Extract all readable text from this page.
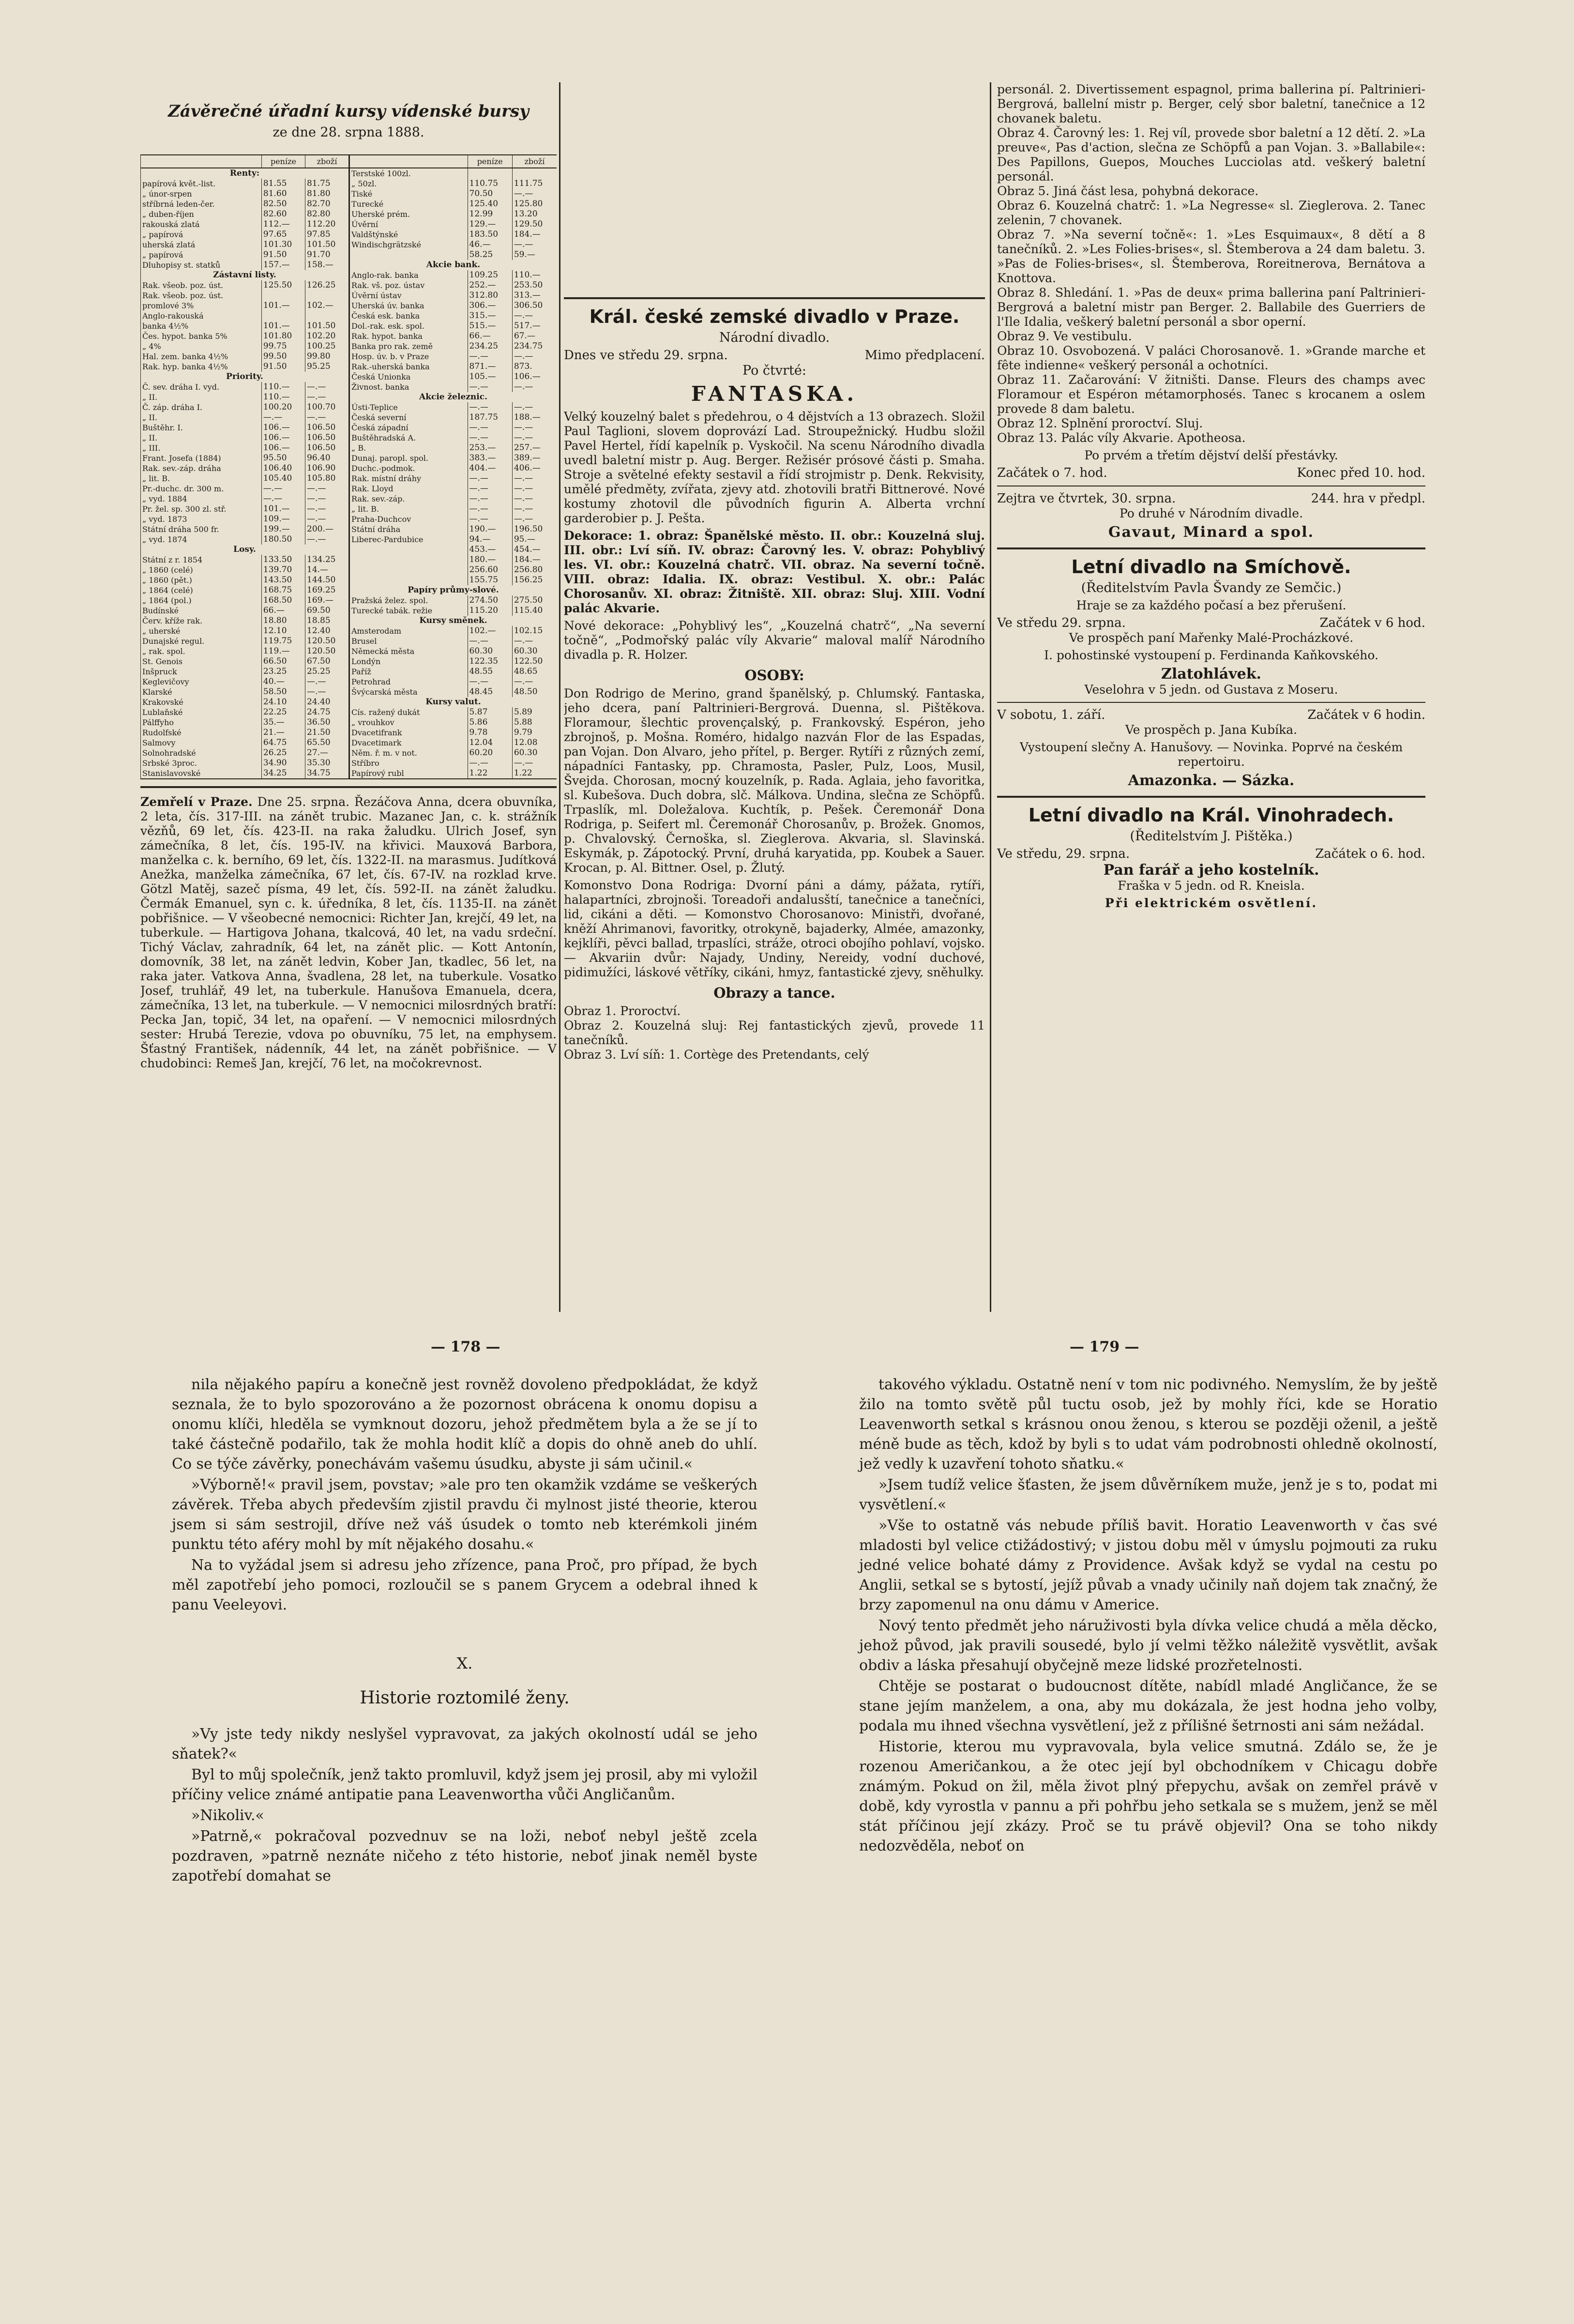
Závěrečné úřadní kursy vídenské bursy
ze dne 28. srpna 1888.
	peníze	zboží
Renty:		
papírová květ.-list.	81.55	81.75
„ únor-srpen	81.60	81.80
stříbrná leden-čer.	82.50	82.70
„ duben-říjen	82.60	82.80
rakouská zlatá	112.—	112.20
„ papírová	97.65	97.85
uherská zlatá	101.30	101.50
„ papírová	91.50	91.70
Dluhopisy st. statků	157.—	158.—
Zástavní listy.		
Rak. všeob. poz. úst.	125.50	126.25
Rak. všeob. poz. úst.		
promlové 3%	101.—	102.—
Anglo-rakouská		
banka 4½%	101.—	101.50
Čes. hypot. banka 5%	101.80	102.20
„ 4%	99.75	100.25
Hal. zem. banka 4½%	99.50	99.80
Rak. hyp. banka 4½%	91.50	95.25
Priority.		
Č. sev. dráha I. vyd.	110.—	—.—
„ II.	110.—	—.—
Č. záp. dráha I.	100.20	100.70
„ II.	—.—	—.—
Buštěhr. I.	106.—	106.50
„ II.	106.—	106.50
„ III.	106.—	106.50
Frant. Josefa (1884)	95.50	96.40
Rak. sev.-záp. dráha	106.40	106.90
„ lit. B.	105.40	105.80
Pr.-duchc. dr. 300 m.	—.—	—.—
„ vyd. 1884	—.—	—.—
Pr. žel. sp. 300 zl. stř.	101.—	—.—
„ vyd. 1873	109.—	—.—
Státní dráha 500 fr.	199.—	200.—
„ vyd. 1874	180.50	—.—
Losy.		
Státní z r. 1854	133.50	134.25
„ 1860 (celé)	139.70	14.—
„ 1860 (pět.)	143.50	144.50
„ 1864 (celé)	168.75	169.25
„ 1864 (pol.)	168.50	169.—
Budínské	66.—	69.50
Červ. kříže rak.	18.80	18.85
„ uherské	12.10	12.40
Dunajské regul.	119.75	120.50
„ rak. spol.	119.—	120.50
St. Genois	66.50	67.50
Inšpruck	23.25	25.25
Keglevičovy	40.—	—.—
Klarské	58.50	—.—
Krakovské	24.10	24.40
Lublaňské	22.25	24.75
Pálffyho	35.—	36.50
Rudolfské	21.—	21.50
Salmovy	64.75	65.50
Solnohradské	26.25	27.—
Srbské 3proc.	34.90	35.30
Stanislavovské	34.25	34.75
	peníze	zboží
Terstské 100zl.		
„ 50zl.	110.75	111.75
Tiské	70.50	—.—
Turecké	125.40	125.80
Uherské prém.	12.99	13.20
Úvěrní	129.—	129.50
Valdštýnské	183.50	184.—
Windischgrätzské	46.—	—.—
	58.25	59.—
Akcie bank.		
Anglo-rak. banka	109.25	110.—
Rak. vš. poz. ústav	252.—	253.50
Úvěrní ústav	312.80	313.—
Uherská úv. banka	306.—	306.50
Česká esk. banka	315.—	—.—
Dol.-rak. esk. spol.	515.—	517.—
Rak. hypot. banka	66.—	67.—
Banka pro rak. země	234.25	234.75
Hosp. úv. b. v Praze	—.—	—.—
Rak.-uherská banka	871.—	873.
Česká Unionka	105.—	106.—
Živnost. banka	—.—	—.—
Akcie železnic.		
Ústi-Teplice	—.—	—.—
Česká severní	187.75	188.—
Česká západní	—.—	—.—
Buštěhradská A.	—.—	—.—
„ B.	253.—	257.—
Dunaj. paropl. spol.	383.—	389.—
Duchc.-podmok.	404.—	406.—
Rak. místní dráhy	—.—	—.—
Rak. Lloyd	—.—	—.—
Rak. sev.-záp.	—.—	—.—
„ lit. B.	—.—	—.—
Praha-Duchcov	—.—	—.—
Státní dráha	190.—	196.50
Liberec-Pardubice	94.—	95.—
	453.—	454.—
	180.—	184.—
	256.60	256.80
	155.75	156.25
Papíry průmy-slové.		
Pražská želez. spol.	274.50	275.50
Turecké tabák. režie	115.20	115.40
Kursy směnek.		
Amsterodam	102.—	102.15
Brusel	—.—	—.—
Německá města	60.30	60.30
Londýn	122.35	122.50
Paříž	48.55	48.65
Petrohrad	—.—	—.—
Švýcarská města	48.45	48.50
Kursy valut.		
Cís. ražený dukát	5.87	5.89
„ vrouhkov	5.86	5.88
Dvacetifrank	9.78	9.79
Dvacetimark	12.04	12.08
Něm. ř. m. v not.	60.20	60.30
Stříbro	—.—	—.—
Papírový rubl	1.22	1.22

Zemřelí v Praze. Dne 25. srpna. Řezáčova Anna, dcera obuvníka, 2 leta, čís. 317-III. na zánět trubic. Mazanec Jan, c. k. strážník vězňů, 69 let, čís. 423-II. na raka žaludku. Ulrich Josef, syn zámečníka, 8 let, čís. 195-IV. na křivici. Mauxová Barbora, manželka c. k. berního, 69 let, čís. 1322-II. na marasmus. Judítková Anežka, manželka zámečníka, 67 let, čís. 67-IV. na rozklad krve. Götzl Matěj, sazeč písma, 49 let, čís. 592-II. na zánět žaludku. Čermák Emanuel, syn c. k. úředníka, 8 let, čís. 1135-II. na zánět pobřišnice. — V všeobecné nemocnici: Richter Jan, krejčí, 49 let, na tuberkule. — Hartigova Johana, tkalcová, 40 let, na vadu srdeční. Tichý Václav, zahradník, 64 let, na zánět plic. — Kott Antonín, domovník, 38 let, na zánět ledvin, Kober Jan, tkadlec, 56 let, na raka jater. Vatkova Anna, švadlena, 28 let, na tuberkule. Vosatko Josef, truhlář, 49 let, na tuberkule. Hanušova Emanuela, dcera, zámečníka, 13 let, na tuberkule. — V nemocnici milosrdných bratří: Pecka Jan, topič, 34 let, na opaření. — V nemocnici milosrdných sester: Hrubá Terezie, vdova po obuvníku, 75 let, na emphysem. Šťastný František, nádenník, 44 let, na zánět pobřišnice. — V chudobinci: Remeš Jan, krejčí, 76 let, na močokrevnost.

Král. české zemské divadlo v Praze.
Národní divadlo.
Dnes ve středu 29. srpna.	Mimo předplacení.
Po čtvrté:
FANTASKA.

Velký kouzelný balet s předehrou, o 4 dějstvích a 13 obrazech. Složil Paul Taglioni, slovem doprovází Lad. Stroupežnický. Hudbu složil Pavel Hertel, řídí kapelník p. Vyskočil. Na scenu Národního divadla uvedl baletní mistr p. Aug. Berger. Režisér prósové části p. Smaha. Stroje a světelné efekty sestavil a řídí strojmistr p. Denk. Rekvisity, umělé předměty, zvířata, zjevy atd. zhotovili bratři Bittnerové. Nové kostumy zhotovil dle původních figurin A. Alberta vrchní garderobier p. J. Pešta.

Dekorace: 1. obraz: Španělské město. II. obr.: Kouzelná sluj. III. obr.: Lví síň. IV. obraz: Čarovný les. V. obraz: Pohyblivý les. VI. obr.: Kouzelná chatrč. VII. obraz. Na severní točně. VIII. obraz: Idalia. IX. obraz: Vestibul. X. obr.: Palác Chorosanův. XI. obraz: Žitniště. XII. obraz: Sluj. XIII. Vodní palác Akvarie.

Nové dekorace: „Pohyblivý les“, „Kouzelná chatrč“, „Na severní točně“, „Podmořský palác víly Akvarie“ maloval malíř Národního divadla p. R. Holzer.

OSOBY:

Don Rodrigo de Merino, grand španělský, p. Chlumský. Fantaska, jeho dcera, paní Paltrinieri-Bergrová. Duenna, sl. Pištěkova. Floramour, šlechtic provençalský, p. Frankovský. Espéron, jeho zbrojnoš, p. Mošna. Roméro, hidalgo nazván Flor de las Espadas, pan Vojan. Don Alvaro, jeho přítel, p. Berger. Rytíři z různých zemí, nápadníci Fantasky, pp. Chramosta, Pasler, Pulz, Loos, Musil, Švejda. Chorosan, mocný kouzelník, p. Rada. Aglaia, jeho favoritka, sl. Kubešova. Duch dobra, slč. Málkova. Undina, slečna ze Schöpfů. Trpaslík, ml. Doležalova. Kuchtík, p. Pešek. Čeremonář Dona Rodriga, p. Seifert ml. Čeremonář Chorosanův, p. Brožek. Gnomos, p. Chvalovský. Černoška, sl. Zieglerova. Akvaria, sl. Slavinská. Eskymák, p. Zápotocký. První, druhá karyatida, pp. Koubek a Sauer. Krocan, p. Al. Bittner. Osel, p. Žlutý.

Komonstvo Dona Rodriga: Dvorní páni a dámy, pážata, rytíři, halapartníci, zbrojnoši. Toreadoři andalusští, tanečnice a tanečníci, lid, cikáni a děti. — Komonstvo Chorosanovo: Ministři, dvořané, kněží Ahrimanovi, favoritky, otrokyně, bajaderky, Almée, amazonky, kejklíři, pěvci ballad, trpaslíci, stráže, otroci obojího pohlaví, vojsko. — Akvariin dvůr: Najady, Undiny, Nereidy, vodní duchové, pidimužíci, láskové větříky, cikáni, hmyz, fantastické zjevy, sněhulky.

Obrazy a tance.

Obraz 1. Proroctví.
Obraz 2. Kouzelná sluj: Rej fantastických zjevů, provede 11 tanečníků.
Obraz 3. Lví síň: 1. Cortège des Pretendants, celý

personál. 2. Divertissement espagnol, prima ballerina pí. Paltrinieri-Bergrová, ballelní mistr p. Berger, celý sbor baletní, tanečnice a 12 chovanek baletu.
Obraz 4. Čarovný les: 1. Rej víl, provede sbor baletní a 12 dětí. 2. »La preuve«, Pas d'action, slečna ze Schöpfů a pan Vojan. 3. »Ballabile«: Des Papillons, Guepos, Mouches Lucciolas atd. veškerý baletní personál.
Obraz 5. Jiná část lesa, pohybná dekorace.
Obraz 6. Kouzelná chatrč: 1. »La Negresse« sl. Zieglerova. 2. Tanec zelenin, 7 chovanek.
Obraz 7. »Na severní točně«: 1. »Les Esquimaux«, 8 dětí a 8 tanečníků. 2. »Les Folies-brises«, sl. Štemberova a 24 dam baletu. 3. »Pas de Folies-brises«, sl. Štemberova, Roreitnerova, Bernátova a Knottova.
Obraz 8. Shledání. 1. »Pas de deux« prima ballerina paní Paltrinieri-Bergrová a baletní mistr pan Berger. 2. Ballabile des Guerriers de l'Ile Idalia, veškerý baletní personál a sbor operní.
Obraz 9. Ve vestibulu.
Obraz 10. Osvobozená. V paláci Chorosanově. 1. »Grande marche et fête indienne« veškerý personál a ochotníci.
Obraz 11. Začarování: V žitništi. Danse. Fleurs des champs avec Floramour et Espéron métamorphosés. Tanec s krocanem a oslem provede 8 dam baletu.
Obraz 12. Splnění proroctví. Sluj.
Obraz 13. Palác víly Akvarie. Apotheosa.

Po prvém a třetím dějství delší přestávky.

Začátek o 7. hod.	Konec před 10. hod.
Zejtra ve čtvrtek, 30. srpna.	244. hra v předpl.

Po druhé v Národním divadle.

Gavaut, Minard a spol.
Letní divadlo na Smíchově.
(Ředitelstvím Pavla Švandy ze Semčic.)

Hraje se za každého počasí a bez přerušení.

Ve středu 29. srpna.	Začátek v 6 hod.

Ve prospěch paní Mařenky Malé-Procházkové.

I. pohostinské vystoupení p. Ferdinanda Kaňkovského.

Zlatohlávek.

Veselohra v 5 jedn. od Gustava z Moseru.

V sobotu, 1. září.	Začátek v 6 hodin.

Ve prospěch p. Jana Kubíka.

Vystoupení slečny A. Hanušovy. — Novinka. Poprvé na českém repertoiru.

Amazonka. — Sázka.
Letní divadlo na Král. Vinohradech.
(Ředitelstvím J. Pištěka.)
Ve středu, 29. srpna.	Začátek o 6. hod.
Pan farář a jeho kostelník.

Fraška v 5 jedn. od R. Kneisla.

Při elektrickém osvětlení.

— 178 —	— 179 —

nila nějakého papíru a konečně jest rovněž dovoleno předpokládat, že když seznala, že to bylo spozorováno a že pozornost obrácena k onomu dopisu a onomu klíči, hleděla se vymknout dozoru, jehož předmětem byla a že se jí to také částečně podařilo, tak že mohla hodit klíč a dopis do ohně aneb do uhlí. Co se týče závěrky, ponechávám vašemu úsudku, abyste ji sám učinil.«

»Výborně!« pravil jsem, povstav; »ale pro ten okamžik vzdáme se veškerých závěrek. Třeba abych především zjistil pravdu či mylnost jisté theorie, kterou jsem si sám sestrojil, dříve než váš úsudek o tomto neb kterémkoli jiném punktu této aféry mohl by mít nějakého dosahu.«

Na to vyžádal jsem si adresu jeho zřízence, pana Proč, pro případ, že bych měl zapotřebí jeho pomoci, rozloučil se s panem Grycem a odebral ihned k panu Veeleyovi.

X.
Historie roztomilé ženy.

»Vy jste tedy nikdy neslyšel vypravovat, za jakých okolností udál se jeho sňatek?«

Byl to můj společník, jenž takto promluvil, když jsem jej prosil, aby mi vyložil příčiny velice známé antipatie pana Leavenwortha vůči Angličanům.

»Nikoliv.«

»Patrně,« pokračoval pozvednuv se na loži, neboť nebyl ještě zcela pozdraven, »patrně neznáte ničeho z této historie, neboť jinak neměl byste zapotřebí domahat se

takového výkladu. Ostatně není v tom nic podivného. Nemyslím, že by ještě žilo na tomto světě půl tuctu osob, jež by mohly říci, kde se Horatio Leavenworth setkal s krásnou onou ženou, s kterou se později oženil, a ještě méně bude as těch, kdož by byli s to udat vám podrobnosti ohledně okolností, jež vedly k uzavření tohoto sňatku.«

»Jsem tudíž velice šťasten, že jsem důvěrníkem muže, jenž je s to, podat mi vysvětlení.«

»Vše to ostatně vás nebude příliš bavit. Horatio Leavenworth v čas své mladosti byl velice ctižádostivý; v jistou dobu měl v úmyslu pojmouti za ruku jedné velice bohaté dámy z Providence. Avšak když se vydal na cestu po Anglii, setkal se s bytostí, jejíž půvab a vnady učinily naň dojem tak značný, že brzy zapomenul na onu dámu v Americe.

Nový tento předmět jeho náruživosti byla dívka velice chudá a měla děcko, jehož původ, jak pravili sousedé, bylo jí velmi těžko náležitě vysvětlit, avšak obdiv a láska přesahují obyčejně meze lidské prozřetelnosti.

Chtěje se postarat o budoucnost dítěte, nabídl mladé Angličance, že se stane jejím manželem, a ona, aby mu dokázala, že jest hodna jeho volby, podala mu ihned všechna vysvětlení, jež z přílišné šetrnosti ani sám nežádal.

Historie, kterou mu vypravovala, byla velice smutná. Zdálo se, že je rozenou Američankou, a že otec její byl obchodníkem v Chicagu dobře známým. Pokud on žil, měla život plný přepychu, avšak on zemřel právě v době, kdy vyrostla v pannu a při pohřbu jeho setkala se s mužem, jenž se měl stát příčinou její zkázy. Proč se tu právě objevil? Ona se toho nikdy nedozvěděla, neboť on
